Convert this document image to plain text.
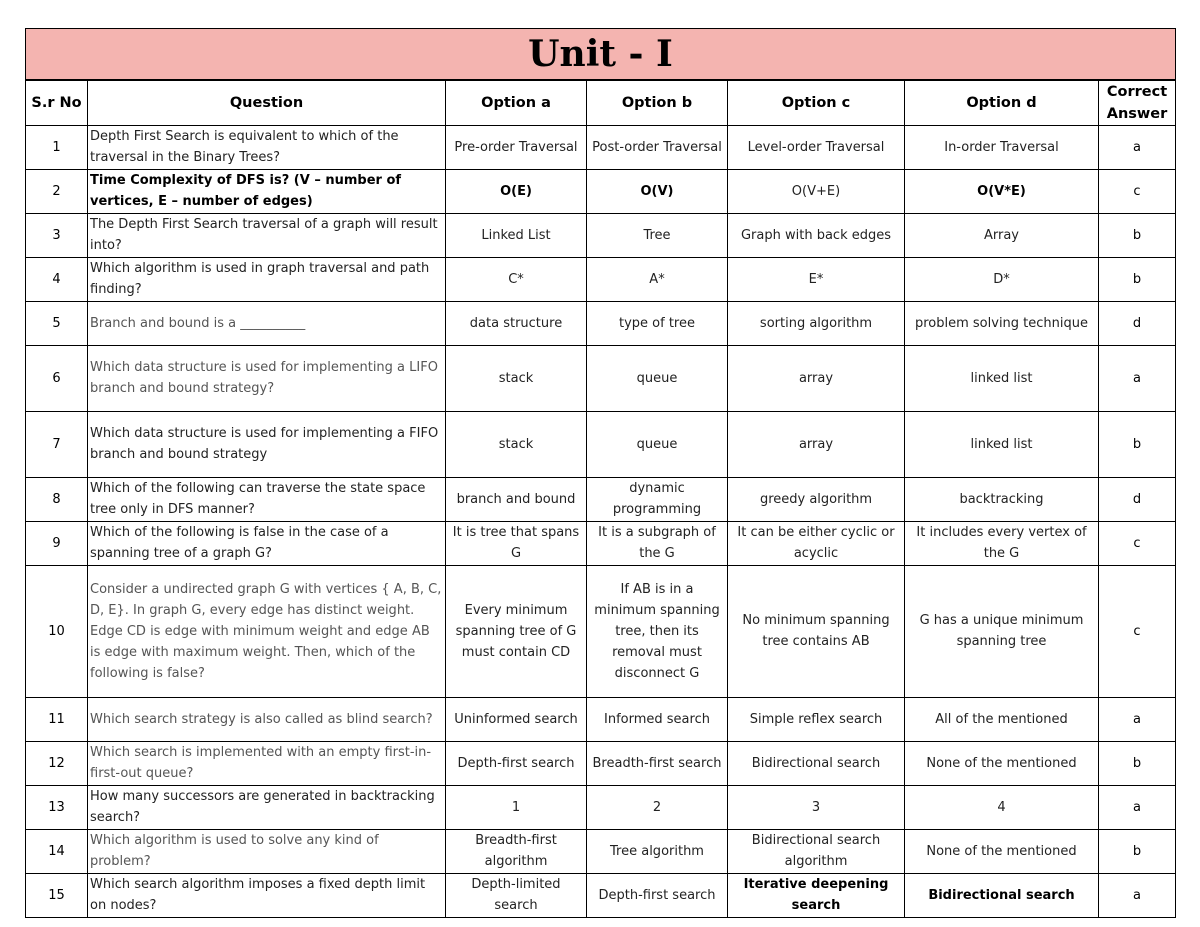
Unit - I						
S.r No	Question	Option a	Option b	Option c	Option d	Correct Answer
1	Depth First Search is equivalent to which of the traversal in the Binary Trees?	Pre-order Traversal	Post-order Traversal	Level-order Traversal	In-order Traversal	a
2	Time Complexity of DFS is? (V – number of vertices, E – number of edges)	O(E)	O(V)	O(V+E)	O(V*E)	c
3	The Depth First Search traversal of a graph will result into?	Linked List	Tree	Graph with back edges	Array	b
4	Which algorithm is used in graph traversal and path finding?	C*	A*	E*	D*	b
5	Branch and bound is a __________	data structure	type of tree	sorting algorithm	problem solving technique	d
6	Which data structure is used for implementing a LIFO branch and bound strategy?	stack	queue	array	linked list	a
7	Which data structure is used for implementing a FIFO branch and bound strategy	stack	queue	array	linked list	b
8	Which of the following can traverse the state space tree only in DFS manner?	branch and bound	dynamic programming	greedy algorithm	backtracking	d
9	Which of the following is false in the case of a spanning tree of a graph G?	It is tree that spans G	It is a subgraph of the G	It can be either cyclic or acyclic	It includes every vertex of the G	c
10	Consider a undirected graph G with vertices { A, B, C, D, E}. In graph G, every edge has distinct weight. Edge CD is edge with minimum weight and edge AB is edge with maximum weight. Then, which of the following is false?	Every minimum spanning tree of G must contain CD	If AB is in a minimum spanning tree, then its removal must disconnect G	No minimum spanning tree contains AB	G has a unique minimum spanning tree	c
11	Which search strategy is also called as blind search?	Uninformed search	Informed search	Simple reflex search	All of the mentioned	a
12	Which search is implemented with an empty first-in-first-out queue?	Depth-first search	Breadth-first search	Bidirectional search	None of the mentioned	b
13	How many successors are generated in backtracking search?	1	2	3	4	a
14	Which algorithm is used to solve any kind of problem?	Breadth-first algorithm	Tree algorithm	Bidirectional search algorithm	None of the mentioned	b
15	Which search algorithm imposes a fixed depth limit on nodes?	Depth-limited search	Depth-first search	Iterative deepening search	Bidirectional search	a
